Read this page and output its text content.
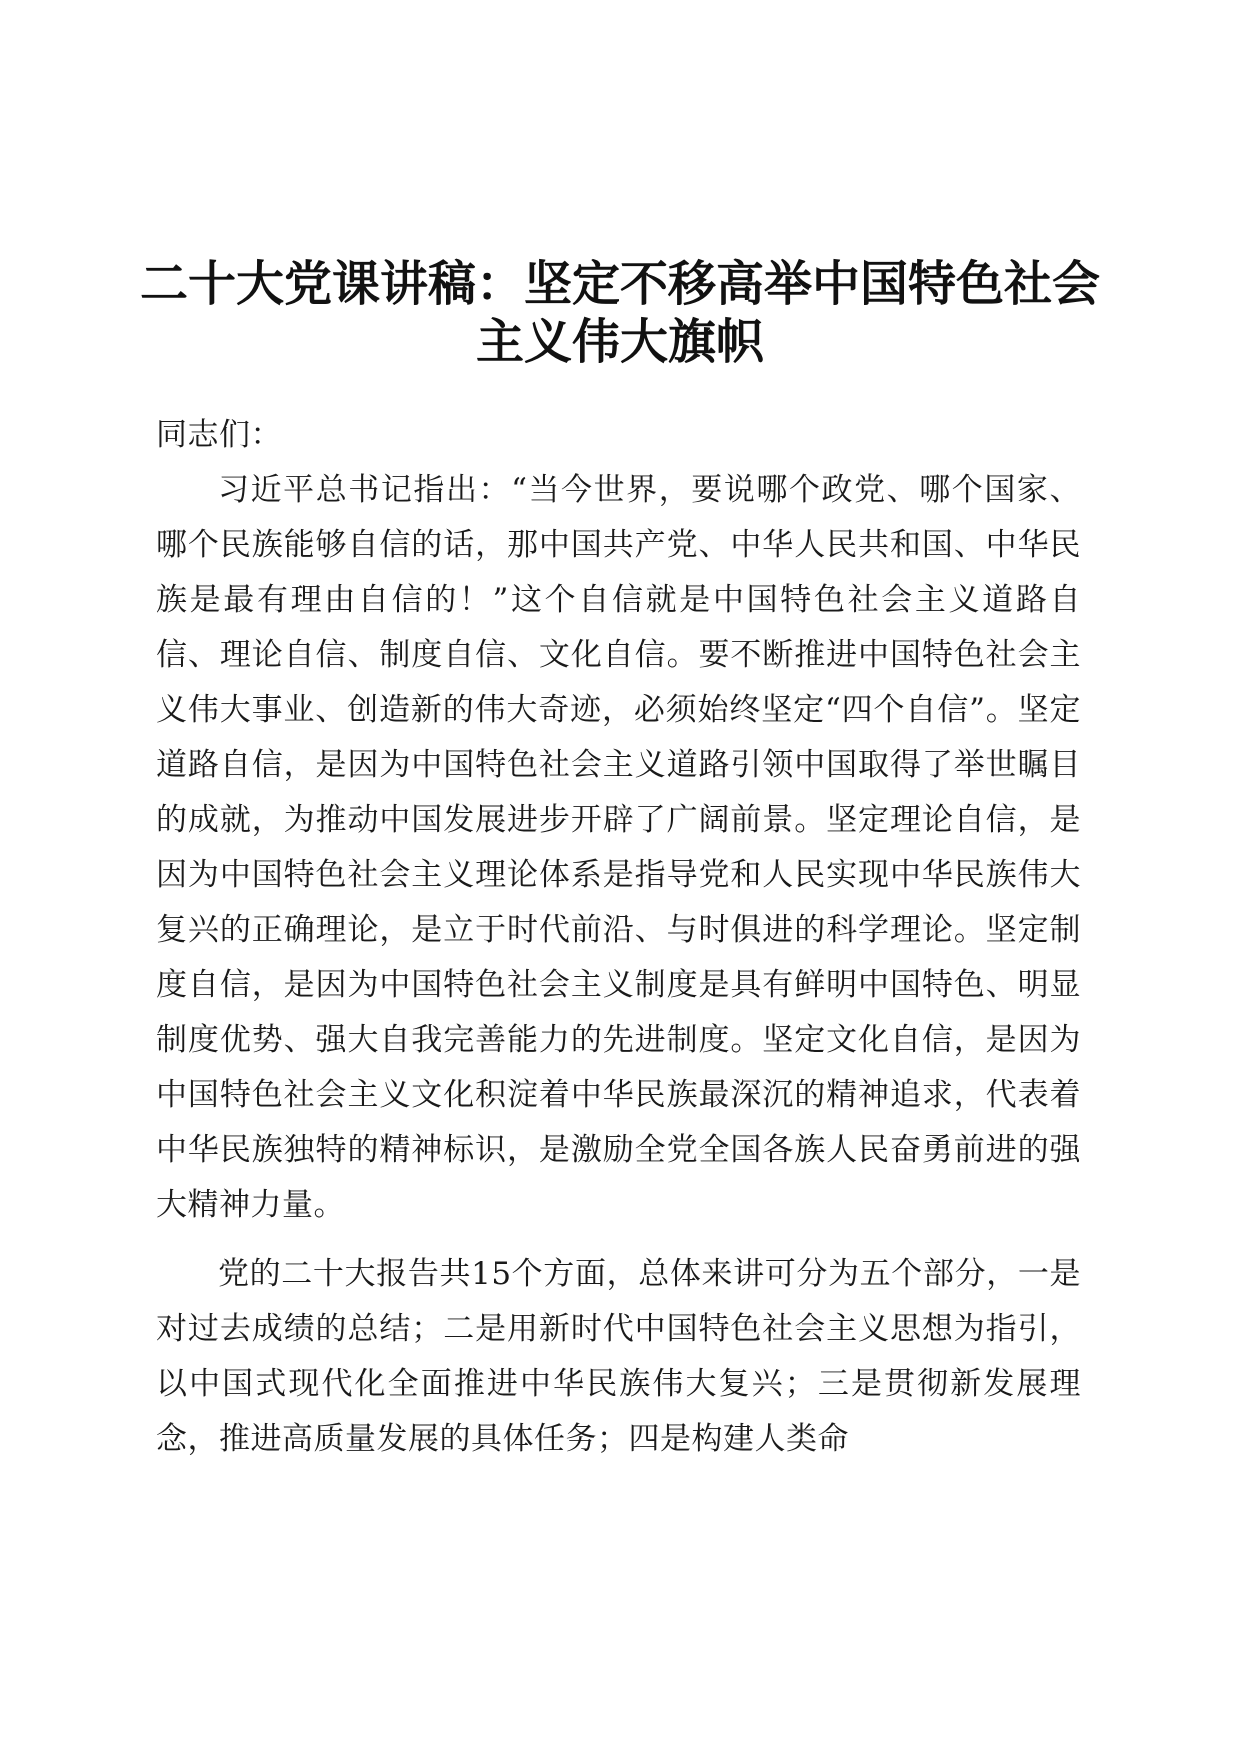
二十大党课讲稿：坚定不移高举中国特色社会
主义伟大旗帜

同志们：

习近平总书记指出：“当今世界，要说哪个政党、哪个国家、哪个民族能够自信的话，那中国共产党、中华人民共和国、中华民族是最有理由自信的！”这个自信就是中国特色社会主义道路自信、理论自信、制度自信、文化自信。要不断推进中国特色社会主义伟大事业、创造新的伟大奇迹，必须始终坚定“四个自信”。坚定道路自信，是因为中国特色社会主义道路引领中国取得了举世瞩目的成就，为推动中国发展进步开辟了广阔前景。坚定理论自信，是因为中国特色社会主义理论体系是指导党和人民实现中华民族伟大复兴的正确理论，是立于时代前沿、与时俱进的科学理论。坚定制度自信，是因为中国特色社会主义制度是具有鲜明中国特色、明显制度优势、强大自我完善能力的先进制度。坚定文化自信，是因为中国特色社会主义文化积淀着中华民族最深沉的精神追求，代表着中华民族独特的精神标识，是激励全党全国各族人民奋勇前进的强大精神力量。

党的二十大报告共15个方面，总体来讲可分为五个部分，一是对过去成绩的总结；二是用新时代中国特色社会主义思想为指引，以中国式现代化全面推进中华民族伟大复兴；三是贯彻新发展理念，推进高质量发展的具体任务；四是构建人类命
